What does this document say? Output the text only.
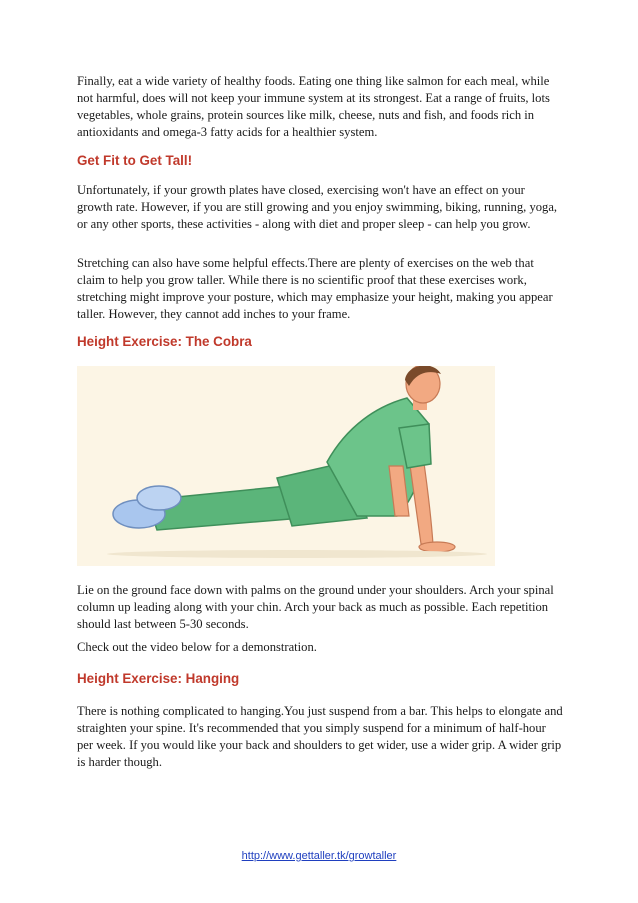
Finally, eat a wide variety of healthy foods. Eating one thing like salmon for each meal, while not harmful, does will not keep your immune system at its strongest. Eat a range of fruits, lots vegetables, whole grains, protein sources like milk, cheese, nuts and fish, and foods rich in antioxidants and omega-3 fatty acids for a healthier system.

Get Fit to Get Tall!

Unfortunately, if your growth plates have closed, exercising won't have an effect on your growth rate. However, if you are still growing and you enjoy swimming, biking, running, yoga, or any other sports, these activities - along with diet and proper sleep - can help you grow.

Stretching can also have some helpful effects.There are plenty of exercises on the web that claim to help you grow taller. While there is no scientific proof that these exercises work, stretching might improve your posture, which may emphasize your height, making you appear taller. However, they cannot add inches to your frame.

Height Exercise: The Cobra

Lie on the ground face down with palms on the ground under your shoulders. Arch your spinal column up leading along with your chin. Arch your back as much as possible. Each repetition should last between 5-30 seconds.

Check out the video below for a demonstration.

Height Exercise: Hanging

There is nothing complicated to hanging.You just suspend from a bar. This helps to elongate and straighten your spine. It's recommended that you simply suspend for a minimum of half-hour per week. If you would like your back and shoulders to get wider, use a wider grip. A wider grip is harder though.

http://www.gettaller.tk/growtaller
